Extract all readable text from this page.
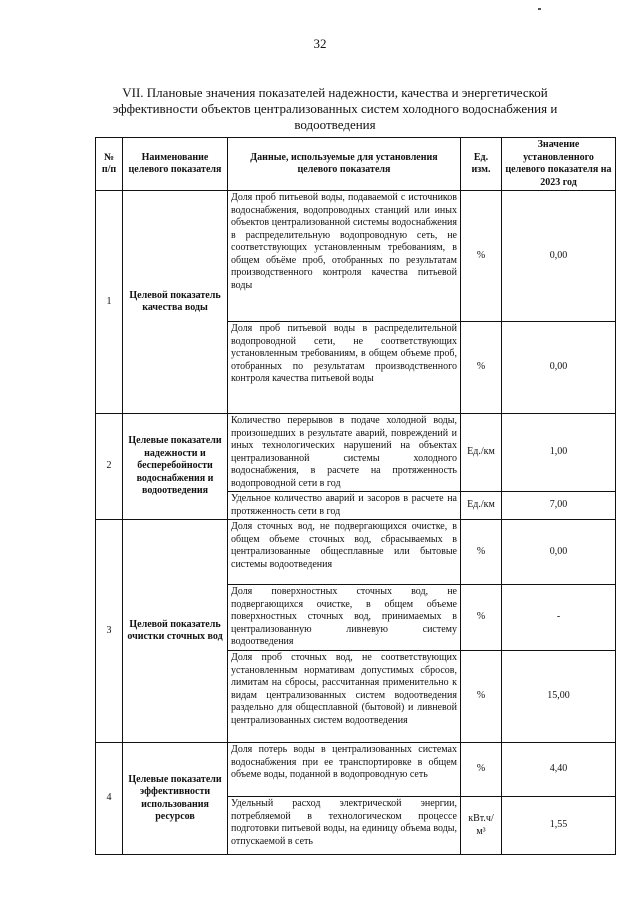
32
VII. Плановые значения показателей надежности, качества и энергетической эффективности объектов централизованных систем холодного водоснабжения и водоотведения
№ п/п	Наименование целевого показателя	Данные, используемые для установления целевого показателя	Ед. изм.	Значение установленного целевого показателя на 2023 год
1	Целевой показатель качества воды	Доля проб питьевой воды, подаваемой с источников водоснабжения, водопроводных станций или иных объектов централизованной системы водоснабжения в распределительную водопроводную сеть, не соответствующих установленным требованиям, в общем объёме проб, отобранных по результатам производственного контроля качества питьевой воды	%	0,00
		Доля проб питьевой воды в распределительной водопроводной сети, не соответствующих установленным требованиям, в общем объеме проб, отобранных по результатам производственного контроля качества питьевой воды	%	0,00
2	Целевые показатели надежности и бесперебойности водоснабжения и водоотведения	Количество перерывов в подаче холодной воды, произошедших в результате аварий, повреждений и иных технологических нарушений на объектах централизованной системы холодного водоснабжения, в расчете на протяженность водопроводной сети в год	Ед./км	1,00
		Удельное количество аварий и засоров в расчете на протяженность сети в год	Ед./км	7,00
3	Целевой показатель очистки сточных вод	Доля сточных вод, не подвергающихся очистке, в общем объеме сточных вод, сбрасываемых в централизованные общесплавные или бытовые системы водоотведения	%	0,00
		Доля поверхностных сточных вод, не подвергающихся очистке, в общем объеме поверхностных сточных вод, принимаемых в централизованную ливневую систему водоотведения	%	-
		Доля проб сточных вод, не соответствующих установленным нормативам допустимых сбросов, лимитам на сбросы, рассчитанная применительно к видам централизованных систем водоотведения раздельно для общесплавной (бытовой) и ливневой централизованных систем водоотведения	%	15,00
4	Целевые показатели эффективности использования ресурсов	Доля потерь воды в централизованных системах водоснабжения при ее транспортировке в общем объеме воды, поданной в водопроводную сеть	%	4,40
		Удельный расход электрической энергии, потребляемой в технологическом процессе подготовки питьевой воды, на единицу объема воды, отпускаемой в сеть	кВт.ч/м³	1,55
